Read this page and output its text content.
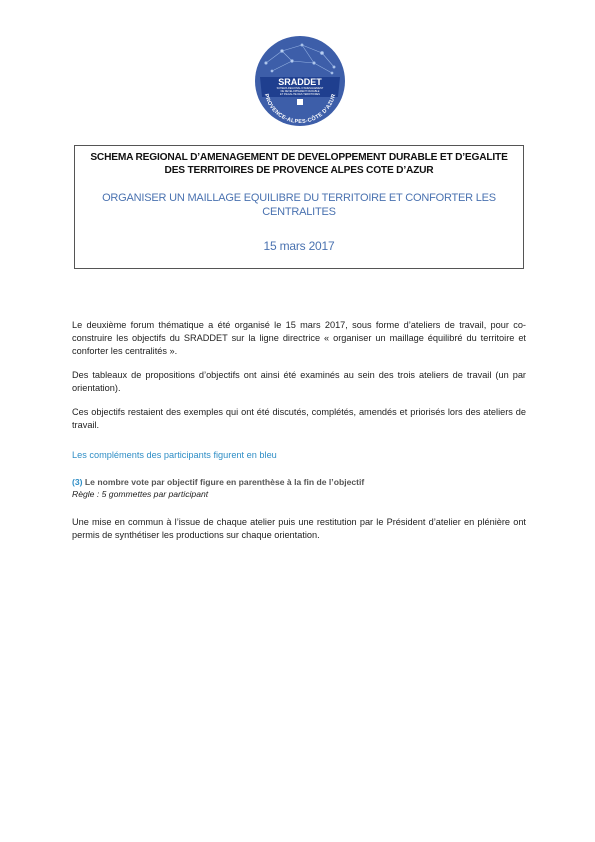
SRADDET
SCHEMA REGIONAL D'AMENAGEMENT
DE DEVELOPPEMENT DURABLE
ET D'EGALITE DES TERRITOIRES
PROVENCE-ALPES-CÔTE D'AZUR
SCHEMA REGIONAL D’AMENAGEMENT DE DEVELOPPEMENT DURABLE ET D’EGALITE DES TERRITOIRES DE PROVENCE ALPES COTE D’AZUR
ORGANISER UN MAILLAGE EQUILIBRE DU TERRITOIRE ET CONFORTER LES CENTRALITES
15 mars 2017

Le deuxième forum thématique a été organisé le 15 mars 2017, sous forme d’ateliers de travail, pour co-construire les objectifs du SRADDET sur la ligne directrice « organiser un maillage équilibré du territoire et conforter les centralités ».

Des tableaux de propositions d’objectifs ont ainsi été examinés au sein des trois ateliers de travail (un par orientation).

Ces objectifs restaient des exemples qui ont été discutés, complétés, amendés et priorisés lors des ateliers de travail.

Les compléments des participants figurent en bleu

(3) Le nombre vote par objectif figure en parenthèse à la fin de l’objectif

Règle : 5 gommettes par participant

Une mise en commun à l’issue de chaque atelier puis une restitution par le Président d’atelier en plénière ont permis de synthétiser les productions sur chaque orientation.
